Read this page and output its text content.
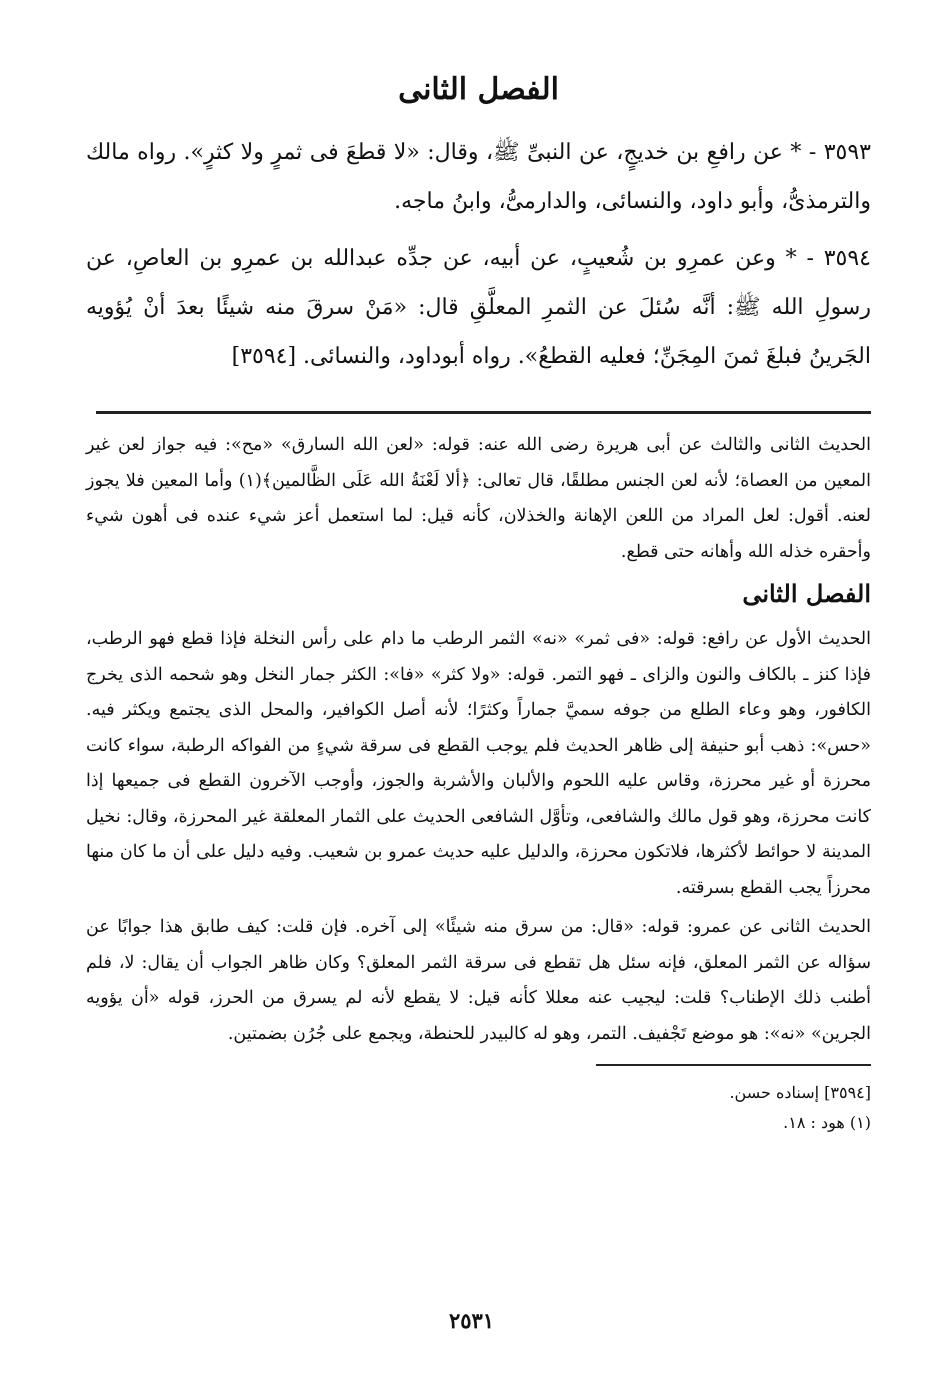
الفصل الثانى

٣٥٩٣ - * عن رافعِ بن خديجٍ، عن النبىِّ ﷺ، وقال: «لا قطعَ فى ثمرٍ ولا كثرٍ». رواه مالك والترمذىُّ، وأبو داود، والنسائى، والدارمىُّ، وابنُ ماجه.

٣٥٩٤ - * وعن عمرِو بن شُعيبٍ، عن أبيه، عن جدِّه عبدالله بن عمرِو بن العاصِ، عن رسولِ الله ﷺ: أنَّه سُئلَ عن الثمرِ المعلَّقِ قال: «مَنْ سرقَ منه شيئًا بعدَ أنْ يُؤويه الجَرينُ فبلغَ ثمنَ المِجَنِّ؛ فعليه القطعُ». رواه أبوداود، والنسائى. [٣٥٩٤]

الحديث الثانى والثالث عن أبى هريرة رضى الله عنه: قوله: «لعن الله السارق» «مح»: فيه جواز لعن غير المعين من العصاة؛ لأنه لعن الجنس مطلقًا، قال تعالى: ﴿ألا لَعْنَةُ الله عَلَى الظَّالمين﴾(١) وأما المعين فلا يجوز لعنه. أقول: لعل المراد من اللعن الإهانة والخذلان، كأنه قيل: لما استعمل أعز شيء عنده فى أهون شيء وأحقره خذله الله وأهانه حتى قطع.

الفصل الثانى

الحديث الأول عن رافع: قوله: «فى ثمر» «نه» الثمر الرطب ما دام على رأس النخلة فإذا قطع فهو الرطب، فإذا كنز ـ بالكاف والنون والزاى ـ فهو التمر. قوله: «ولا كثر» «فا»: الكثر جمار النخل وهو شحمه الذى يخرج الكافور، وهو وعاء الطلع من جوفه سميَّ جماراً وكثرًا؛ لأنه أصل الكوافير، والمحل الذى يجتمع ويكثر فيه. «حس»: ذهب أبو حنيفة إلى ظاهر الحديث فلم يوجب القطع فى سرقة شيءٍ من الفواكه الرطبة، سواء كانت محرزة أو غير محرزة، وقاس عليه اللحوم والألبان والأشربة والجوز، وأوجب الآخرون القطع فى جميعها إذا كانت محرزة، وهو قول مالك والشافعى، وتأوَّل الشافعى الحديث على الثمار المعلقة غير المحرزة، وقال: نخيل المدينة لا حوائط لأكثرها، فلاتكون محرزة، والدليل عليه حديث عمرو بن شعيب. وفيه دليل على أن ما كان منها محرزاً يجب القطع بسرقته.

الحديث الثانى عن عمرو: قوله: «قال: من سرق منه شيئًا» إلى آخره. فإن قلت: كيف طابق هذا جوابًا عن سؤاله عن الثمر المعلق، فإنه سئل هل تقطع فى سرقة الثمر المعلق؟ وكان ظاهر الجواب أن يقال: لا، فلم أطنب ذلك الإطناب؟ قلت: ليجيب عنه معللا كأنه قيل: لا يقطع لأنه لم يسرق من الحرز، قوله «أن يؤويه الجرين» «نه»: هو موضع تَجْفيف. التمر، وهو له كالبيدر للحنطة، ويجمع على جُرُن بضمتين.

[٣٥٩٤] إسناده حسن.

(١) هود : ١٨.

٢٥٣١
